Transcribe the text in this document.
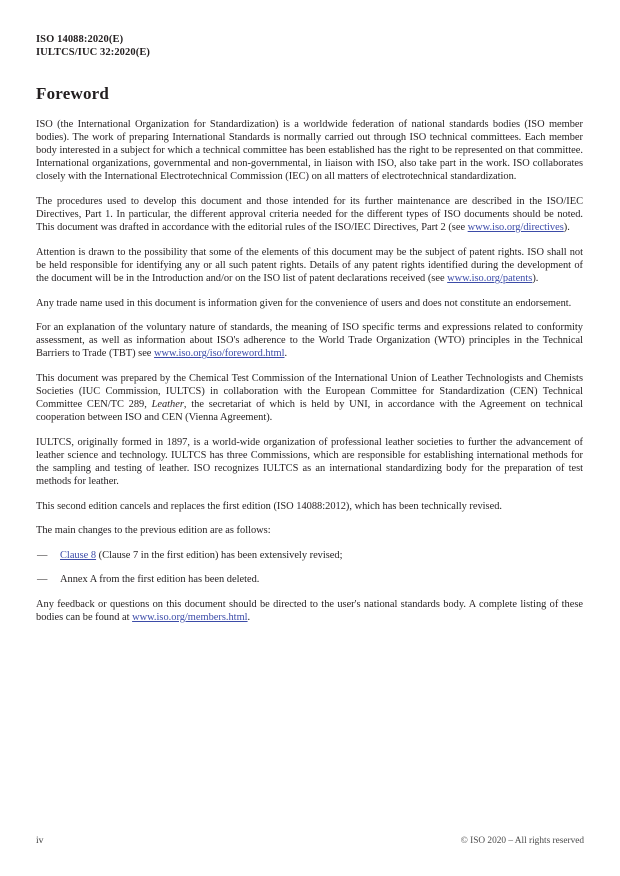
ISO 14088:2020(E)
IULTCS/IUC 32:2020(E)
Foreword

ISO (the International Organization for Standardization) is a worldwide federation of national standards bodies (ISO member bodies). The work of preparing International Standards is normally carried out through ISO technical committees. Each member body interested in a subject for which a technical committee has been established has the right to be represented on that committee. International organizations, governmental and non-governmental, in liaison with ISO, also take part in the work. ISO collaborates closely with the International Electrotechnical Commission (IEC) on all matters of electrotechnical standardization.

The procedures used to develop this document and those intended for its further maintenance are described in the ISO/IEC Directives, Part 1. In particular, the different approval criteria needed for the different types of ISO documents should be noted. This document was drafted in accordance with the editorial rules of the ISO/IEC Directives, Part 2 (see www.iso.org/directives).

Attention is drawn to the possibility that some of the elements of this document may be the subject of patent rights. ISO shall not be held responsible for identifying any or all such patent rights. Details of any patent rights identified during the development of the document will be in the Introduction and/or on the ISO list of patent declarations received (see www.iso.org/patents).

Any trade name used in this document is information given for the convenience of users and does not constitute an endorsement.

For an explanation of the voluntary nature of standards, the meaning of ISO specific terms and expressions related to conformity assessment, as well as information about ISO's adherence to the World Trade Organization (WTO) principles in the Technical Barriers to Trade (TBT) see www.iso.org/iso/foreword.html.

This document was prepared by the Chemical Test Commission of the International Union of Leather Technologists and Chemists Societies (IUC Commission, IULTCS) in collaboration with the European Committee for Standardization (CEN) Technical Committee CEN/TC 289, Leather, the secretariat of which is held by UNI, in accordance with the Agreement on technical cooperation between ISO and CEN (Vienna Agreement).

IULTCS, originally formed in 1897, is a world-wide organization of professional leather societies to further the advancement of leather science and technology. IULTCS has three Commissions, which are responsible for establishing international methods for the sampling and testing of leather. ISO recognizes IULTCS as an international standardizing body for the preparation of test methods for leather.

This second edition cancels and replaces the first edition (ISO 14088:2012), which has been technically revised.

The main changes to the previous edition are as follows:

—	Clause 8 (Clause 7 in the first edition) has been extensively revised;
—	Annex A from the first edition has been deleted.

Any feedback or questions on this document should be directed to the user's national standards body. A complete listing of these bodies can be found at www.iso.org/members.html.

iv	© ISO 2020 – All rights reserved
